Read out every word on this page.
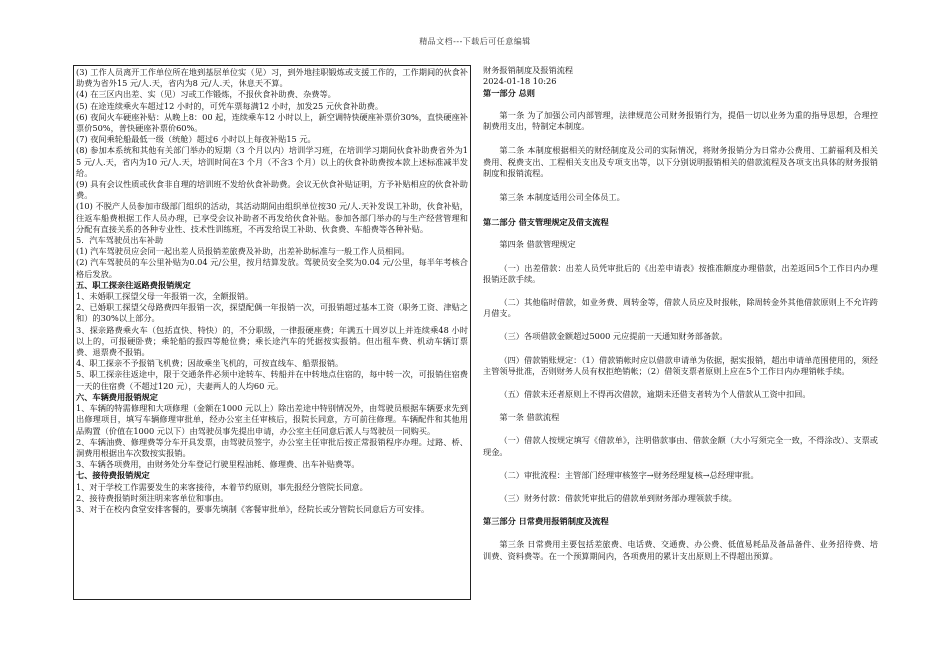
精品文档---下载后可任意编辑

(3) 工作人员离开工作单位所在地到基层单位实（见）习，到外地挂职锻炼或支援工作的，工作期间的伙食补助费为省外15 元/人.天，省内为8 元/人.天，休息天不算。

(4) 在三区内出差、实（见）习或工作锻炼，不报伙食补助费、杂费等。

(5) 在途连续乘火车超过12 小时的，可凭车票每满12 小时，加发25 元伙食补助费。

(6) 夜间火车硬座补贴：从晚上8：00 起，连续乘车12 小时以上，新空调特快硬座补票价30%，直快硬座补票价50%，普快硬座补票价60%。

(7) 夜间乘轮船最低一级（统舱）超过6 小时以上每夜补贴15 元。

(8) 参加本系统和其他有关部门举办的短期（3 个月以内）培训学习班，在培训学习期间伙食补助费省外为15 元/人.天，省内为10 元/人.天，培训时间在3 个月（不含3 个月）以上的伙食补助费按本款上述标准减半发给。

(9) 具有会议性质或伙食非自理的培训班不发给伙食补助费。会议无伙食补贴证明，方予补贴相应的伙食补助费。

(10) 不脱产人员参加市级部门组织的活动，其活动期间由组织单位按30 元/人.天补发误工补助，伙食补贴，往返车船费根据工作人员办理，已享受会议补助者不再发给伙食补贴。参加各部门举办的与生产经营管理和分配有直接关系的各种专业性、技术性训练班，不再发给误工补助、伙食费、车船费等各种补贴。

5．汽车驾驶员出车补助

(1) 汽车驾驶员应会同一起出差人员报销差旅费及补助，出差补助标准与一般工作人员相同。

(2) 汽车驾驶员的车公里补贴为0.04 元/公里，按月结算发放。驾驶员安全奖为0.04 元/公里，每半年考核合格后发放。

五、职工探亲往返路费报销规定

1、未婚职工探望父母一年报销一次，全额报销。

2、已婚职工探望父母路费四年报销一次，探望配偶一年报销一次，可报销超过基本工资（职务工资、津贴之和）的30%以上部分。

3、探亲路费乘火车（包括直快、特快）的，不分职级，一律报硬座费；年满五十周岁以上并连续乘48 小时以上的，可报硬卧费；乘轮船的报四等舱位费；乘长途汽车的凭据按实报销。但出租车费、机动车辆订票费、退票费不报销。

4、职工探亲不予报销飞机费；因故乘坐飞机的，可按直线车、船票报销。

5、职工探亲往返途中，限于交通条件必须中途转车、转船并在中转地点住宿的，每中转一次，可报销住宿费一天的住宿费（不超过120 元），夫妻两人的人均60 元。

六、车辆费用报销规定

1、车辆的特需修理和大项修理（金额在1000 元以上）除出差途中特别情况外，由驾驶员根据车辆要求先到出修理项目，填写车辆修理审批单，经办公室主任审核后，报院长同意，方可前往修理。车辆配件和其他用品购置（价值在1000 元以下）由驾驶员事先提出申请，办公室主任同意后派人与驾驶员一同购买。

2、车辆油费、修理费等分车开具发票，由驾驶员签字，办公室主任审批后按正常报销程序办理。过路、桥、洞费用根据出车次数按实报销。

3、车辆各项费用，由财务处分车登记行驶里程油耗、修理费、出车补贴费等。

七、接待费报销规定

1、对于学校工作需要发生的来客接待，本着节约原则，事先报经分管院长同意。

2、接待费报销时须注明来客单位和事由。

3、对于在校内食堂安排客餐的，要事先填制《客餐审批单》，经院长或分管院长同意后方可安排。

财务报销制度及报销流程

2024-01-18 10:26

第一部分 总则

第一条 为了加强公司内部管理，法律规范公司财务报销行为，提倡一切以业务为重的指导思想，合理控制费用支出，特制定本制度。

第二条 本制度根据相关的财经制度及公司的实际情况，将财务报销分为日常办公费用、工薪福利及相关费用、税费支出、工程相关支出及专项支出等，以下分别说明报销相关的借款流程及各项支出具体的财务报销制度和报销流程。

第三条 本制度适用公司全体员工。

第二部分 借支管理规定及借支流程

第四条 借款管理规定

（一）出差借款：出差人员凭审批后的《出差申请表》按推准额度办理借款，出差返回5个工作日内办理报销还款手续。

（二）其他临时借款，如业务费、周转金等，借款人员应及时报帐，除周转金外其他借款原则上不允许跨月借支。

（三）各项借款金额超过5000 元应提前一天通知财务部备款。

（四）借款销账规定：（1）借款销帐时应以借款申请单为依据，据实报销，超出申请单范围使用的，须经主管领导批准，否则财务人员有权拒绝销帐；（2）借领支票者原则上应在5个工作日内办理销帐手续。

（五）借款未还者原则上不得再次借款，逾期未还借支者转为个人借款从工资中扣回。

第一条 借款流程

（一）借款人按规定填写《借款单》，注明借款事由、借款金额（大小写须完全一致，不得涂改）、支票或现金。

（二）审批流程：主管部门经理审核签字→财务经理复核→总经理审批。

（三）财务付款：借款凭审批后的借款单到财务部办理领款手续。

第三部分 日常费用报销制度及流程

第三条 日常费用主要包括差旅费、电话费、交通费、办公费、低值易耗品及备品备件、业务招待费、培训费、资料费等。在一个预算期间内，各项费用的累计支出原则上不得超出预算。
